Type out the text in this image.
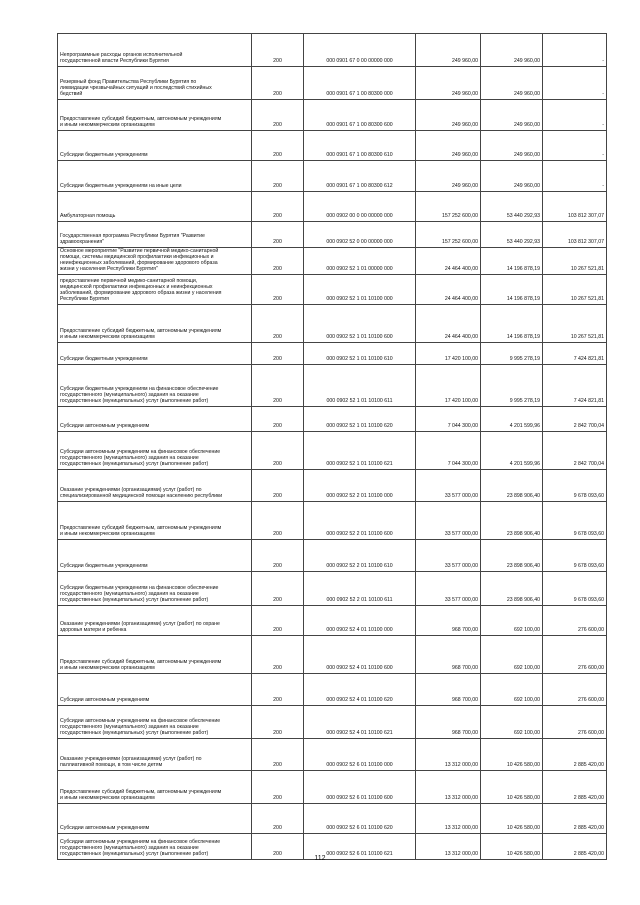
Непрограммные расходы органов исполнительной
государственной власти Республики Бурятия	200	000 0901 67 0 00 00000 000	249 960,00	249 960,00	-
Резервный фонд Правительства Республики Бурятия по
ликвидации чрезвычайных ситуаций и последствий стихийных
бедствий	200	000 0901 67 1 00 80300 000	249 960,00	249 960,00	-
Предоставление субсидий бюджетным, автономным учреждениям
и иным некоммерческим организациям	200	000 0901 67 1 00 80300 600	249 960,00	249 960,00	-
Субсидии бюджетным учреждениям	200	000 0901 67 1 00 80300 610	249 960,00	249 960,00	-
Субсидии бюджетным учреждениям на иные цели	200	000 0901 67 1 00 80300 612	249 960,00	249 960,00	-
Амбулаторная помощь	200	000 0902 00 0 00 00000 000	157 252 600,00	53 440 292,93	103 812 307,07
Государственная программа Республики Бурятия "Развитие
здравоохранения"	200	000 0902 52 0 00 00000 000	157 252 600,00	53 440 292,93	103 812 307,07
Основное мероприятие "Развитие первичной медико-санитарной
помощи, системы медицинской профилактики инфекционных и
неинфекционных заболеваний, формирование здорового образа
жизни у населения Республики Бурятия"	200	000 0902 52 1 01 00000 000	24 464 400,00	14 196 878,19	10 267 521,81
предоставление первичной медико-санитарной помощи,
медицинской профилактики инфекционных и неинфекционных
заболеваний, формирование здорового образа жизни у населения
Республики Бурятия	200	000 0902 52 1 01 10100 000	24 464 400,00	14 196 878,19	10 267 521,81
Предоставление субсидий бюджетным, автономным учреждениям
и иным некоммерческим организациям	200	000 0902 52 1 01 10100 600	24 464 400,00	14 196 878,19	10 267 521,81
Субсидии бюджетным учреждениям	200	000 0902 52 1 01 10100 610	17 420 100,00	9 995 278,19	7 424 821,81
Субсидии бюджетным учреждениям на финансовое обеспечение
государственного (муниципального) задания на оказание
государственных (муниципальных) услуг (выполнение работ)	200	000 0902 52 1 01 10100 611	17 420 100,00	9 995 278,19	7 424 821,81
Субсидии автономным учреждениям	200	000 0902 52 1 01 10100 620	7 044 300,00	4 201 599,96	2 842 700,04
Субсидии автономным учреждениям на финансовое обеспечение
государственного (муниципального) задания на оказание
государственных (муниципальных) услуг (выполнение работ)	200	000 0902 52 1 01 10100 621	7 044 300,00	4 201 599,96	2 842 700,04
Оказание учреждениями (организациями) услуг (работ) по
специализированной медицинской помощи населению республики	200	000 0902 52 2 01 10100 000	33 577 000,00	23 898 906,40	9 678 093,60
Предоставление субсидий бюджетным, автономным учреждениям
и иным некоммерческим организациям	200	000 0902 52 2 01 10100 600	33 577 000,00	23 898 906,40	9 678 093,60
Субсидии бюджетным учреждениям	200	000 0902 52 2 01 10100 610	33 577 000,00	23 898 906,40	9 678 093,60
Субсидии бюджетным учреждениям на финансовое обеспечение
государственного (муниципального) задания на оказание
государственных (муниципальных) услуг (выполнение работ)	200	000 0902 52 2 01 10100 611	33 577 000,00	23 898 906,40	9 678 093,60
Оказание учреждениями (организациями) услуг (работ) по охране
здоровья матери и ребенка	200	000 0902 52 4 01 10100 000	968 700,00	692 100,00	276 600,00
Предоставление субсидий бюджетным, автономным учреждениям
и иным некоммерческим организациям	200	000 0902 52 4 01 10100 600	968 700,00	692 100,00	276 600,00
Субсидии автономным учреждениям	200	000 0902 52 4 01 10100 620	968 700,00	692 100,00	276 600,00
Субсидии автономным учреждениям на финансовое обеспечение
государственного (муниципального) задания на оказание
государственных (муниципальных) услуг (выполнение работ)	200	000 0902 52 4 01 10100 621	968 700,00	692 100,00	276 600,00
Оказание учреждениями (организациями) услуг (работ) по
паллиативной помощи, в том числе детям	200	000 0902 52 6 01 10100 000	13 312 000,00	10 426 580,00	2 885 420,00
Предоставление субсидий бюджетным, автономным учреждениям
и иным некоммерческим организациям	200	000 0902 52 6 01 10100 600	13 312 000,00	10 426 580,00	2 885 420,00
Субсидии автономным учреждениям	200	000 0902 52 6 01 10100 620	13 312 000,00	10 426 580,00	2 885 420,00
Субсидии автономным учреждениям на финансовое обеспечение
государственного (муниципального) задания на оказание
государственных (муниципальных) услуг (выполнение работ)	200	000 0902 52 6 01 10100 621	13 312 000,00	10 426 580,00	2 885 420,00
112
